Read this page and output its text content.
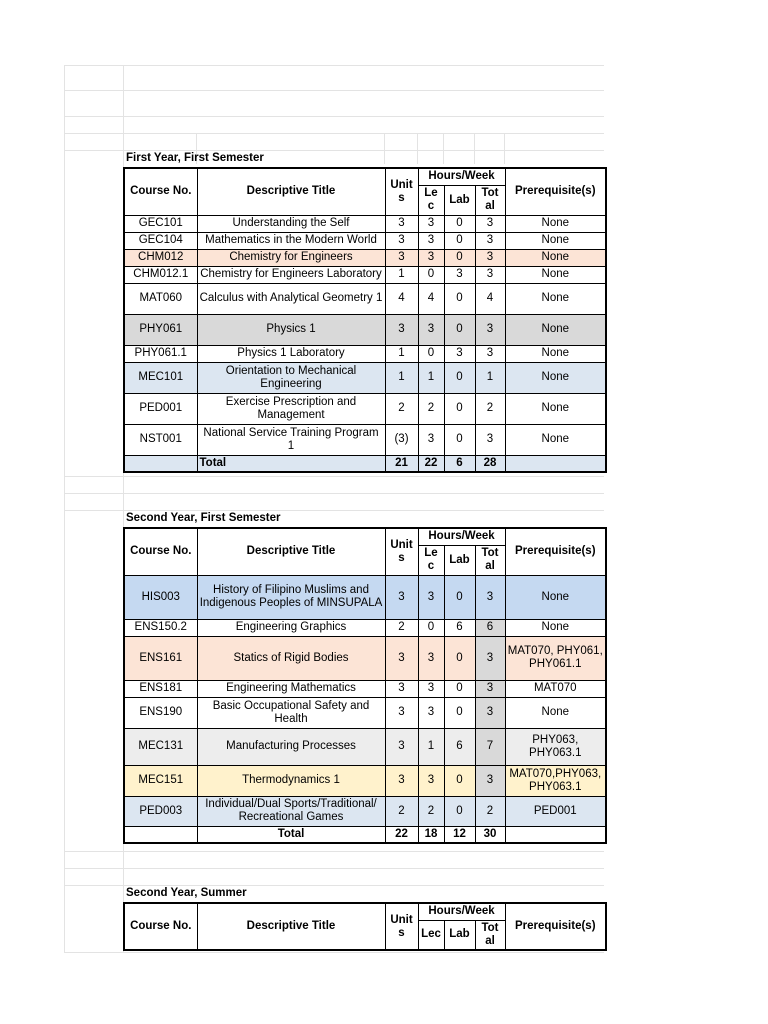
First Year, First Semester
Course No.	Descriptive Title	Unit s	Hours/Week			Prerequisite(s)
			Le c	Lab	Tot al	
GEC101	Understanding the Self	3	3	0	3	None
GEC104	Mathematics in the Modern World	3	3	0	3	None
CHM012	Chemistry for Engineers	3	3	0	3	None
CHM012.1	Chemistry for Engineers Laboratory	1	0	3	3	None
MAT060	Calculus with Analytical Geometry 1	4	4	0	4	None
PHY061	Physics 1	3	3	0	3	None
PHY061.1	Physics 1 Laboratory	1	0	3	3	None
MEC101	Orientation to Mechanical Engineering	1	1	0	1	None
PED001	Exercise Prescription and Management	2	2	0	2	None
NST001	National Service Training Program 1	(3)	3	0	3	None
	Total	21	22	6	28	
Second Year, First Semester
Course No.	Descriptive Title	Unit s	Hours/Week			Prerequisite(s)
			Le c	Lab	Tot al	
HIS003	History of Filipino Muslims and Indigenous Peoples of MINSUPALA	3	3	0	3	None
ENS150.2	Engineering Graphics	2	0	6	6	None
ENS161	Statics of Rigid Bodies	3	3	0	3	MAT070, PHY061, PHY061.1
ENS181	Engineering Mathematics	3	3	0	3	MAT070
ENS190	Basic Occupational Safety and Health	3	3	0	3	None
MEC131	Manufacturing Processes	3	1	6	7	PHY063, PHY063.1
MEC151	Thermodynamics 1	3	3	0	3	MAT070,PHY063, PHY063.1
PED003	Individual/Dual Sports/Traditional/ Recreational Games	2	2	0	2	PED001
	Total	22	18	12	30	
Second Year, Summer
Course No.	Descriptive Title	Unit s	Hours/Week			Prerequisite(s)
			Lec	Lab	Tot al	
